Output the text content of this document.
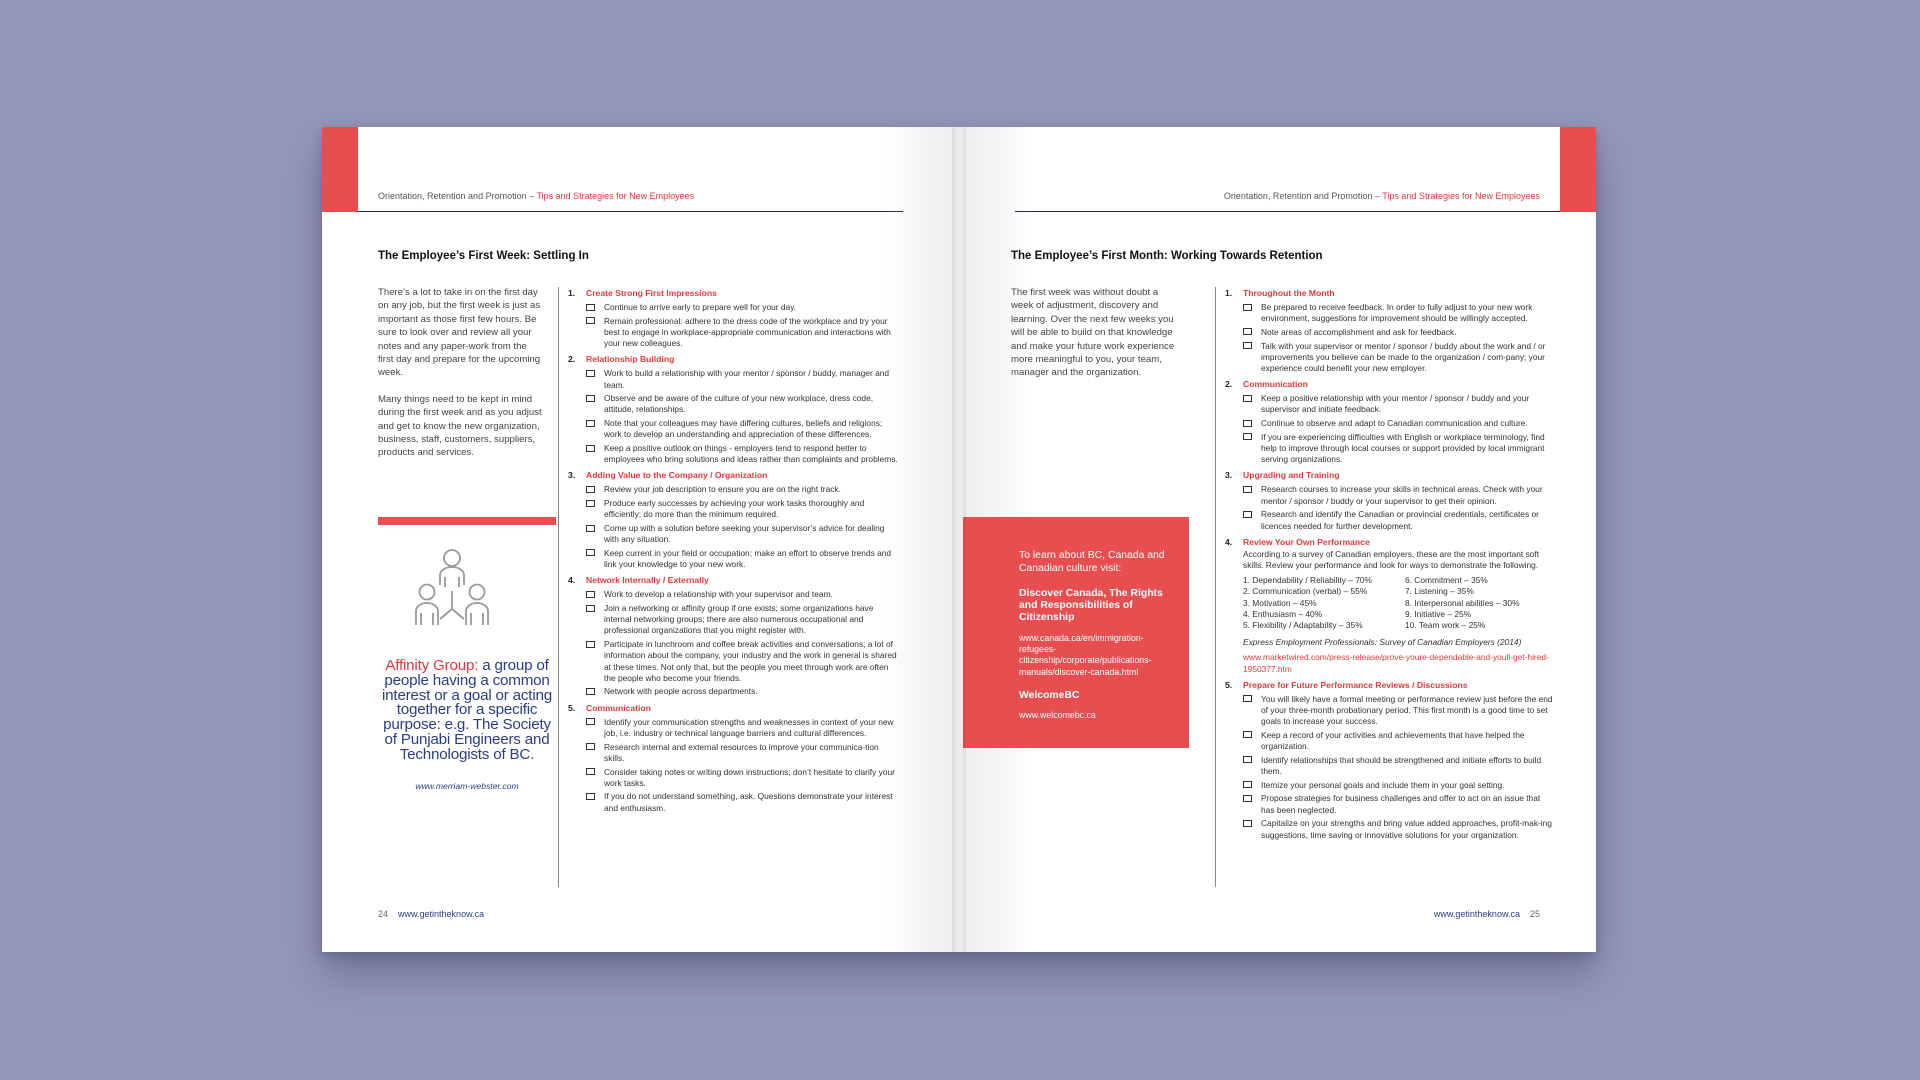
Orientation, Retention and Promotion – Tips and Strategies for New Employees
The Employee’s First Week: Settling In

There’s a lot to take in on the first day on any job, but the first week is just as important as those first few hours. Be sure to look over and review all your notes and any paper-work from the first day and prepare for the upcoming week.

Many things need to be kept in mind during the first week and as you adjust and get to know the new organization, business, staff, customers, suppliers, products and services.

Affinity Group: a group of people having a common interest or a goal or acting together for a specific purpose: e.g. The Society of Punjabi Engineers and Technologists of BC.
www.merriam-webster.com
1.	Create Strong First Impressions
Continue to arrive early to prepare well for your day.
Remain professional: adhere to the dress code of the workplace and try your best to engage in workplace-appropriate communication and interactions with your new colleagues.
2.	Relationship Building
Work to build a relationship with your mentor / sponsor / buddy, manager and team.
Observe and be aware of the culture of your new workplace, dress code, attitude, relationships.
Note that your colleagues may have differing cultures, beliefs and religions; work to develop an understanding and appreciation of these differences.
Keep a positive outlook on things - employers tend to respond better to employees who bring solutions and ideas rather than complaints and problems.
3.	Adding Value to the Company / Organization
Review your job description to ensure you are on the right track.
Produce early successes by achieving your work tasks thoroughly and efficiently; do more than the minimum required.
Come up with a solution before seeking your supervisor’s advice for dealing with any situation.
Keep current in your field or occupation; make an effort to observe trends and link your knowledge to your new work.
4.	Network Internally / Externally
Work to develop a relationship with your supervisor and team.
Join a networking or affinity group if one exists; some organizations have internal networking groups; there are also numerous occupational and professional organizations that you might register with.
Participate in lunchroom and coffee break activities and conversations; a lot of information about the company, your industry and the work in general is shared at these times. Not only that, but the people you meet through work are often the people who become your friends.
Network with people across departments.
5.	Communication
Identify your communication strengths and weaknesses in context of your new job, i.e. industry or technical language barriers and cultural differences.
Research internal and external resources to improve your communica-tion skills.
Consider taking notes or writing down instructions; don’t hesitate to clarify your work tasks.
If you do not understand something, ask. Questions demonstrate your interest and enthusiasm.
24 www.getintheknow.ca
Orientation, Retention and Promotion – Tips and Strategies for New Employees
The Employee’s First Month: Working Towards Retention

The first week was without doubt a week of adjustment, discovery and learning. Over the next few weeks you will be able to build on that knowledge and make your future work experience more meaningful to you, your team, manager and the organization.

To learn about BC, Canada and Canadian culture visit:
Discover Canada, The Rights and Responsibilities of Citizenship
www.canada.ca/en/immigration-refugees-citizenship/corporate/publications-manuals/discover-canada.html
WelcomeBC
www.welcomebc.ca
1.	Throughout the Month
Be prepared to receive feedback. In order to fully adjust to your new work environment, suggestions for improvement should be willingly accepted.
Note areas of accomplishment and ask for feedback.
Talk with your supervisor or mentor / sponsor / buddy about the work and / or improvements you believe can be made to the organization / com-pany; your experience could benefit your new employer.
2.	Communication
Keep a positive relationship with your mentor / sponsor / buddy and your supervisor and initiate feedback.
Continue to observe and adapt to Canadian communication and culture.
If you are experiencing difficulties with English or workplace terminology, find help to improve through local courses or support provided by local immigrant serving organizations.
3.	Upgrading and Training
Research courses to increase your skills in technical areas. Check with your mentor / sponsor / buddy or your supervisor to get their opinion.
Research and identify the Canadian or provincial credentials, certificates or licences needed for further development.
4.	Review Your Own Performance
According to a survey of Canadian employers, these are the most important soft skills. Review your performance and look for ways to demonstrate the following.
1. Dependability / Reliability – 70%	6. Commitment – 35%
2. Communication (verbal) – 55%	7. Listening – 35%
3. Motivation – 45%	8. Interpersonal abilities – 30%
4. Enthusiasm – 40%	9. Initiative – 25%
5. Flexibility / Adaptability – 35%	10. Team work – 25%
Express Employment Professionals: Survey of Canadian Employers (2014)
www.marketwired.com/press-release/prove-youre-dependable-and-youll-get-hired-1950377.htm
5.	Prepare for Future Performance Reviews / Discussions
You will likely have a formal meeting or performance review just before the end of your three-month probationary period. This first month is a good time to set goals to increase your success.
Keep a record of your activities and achievements that have helped the organization.
Identify relationships that should be strengthened and initiate efforts to build them.
Itemize your personal goals and include them in your goal setting.
Propose strategies for business challenges and offer to act on an issue that has been neglected.
Capitalize on your strengths and bring value added approaches, profit-mak-ing suggestions, time saving or innovative solutions for your organization.
www.getintheknow.ca 25
